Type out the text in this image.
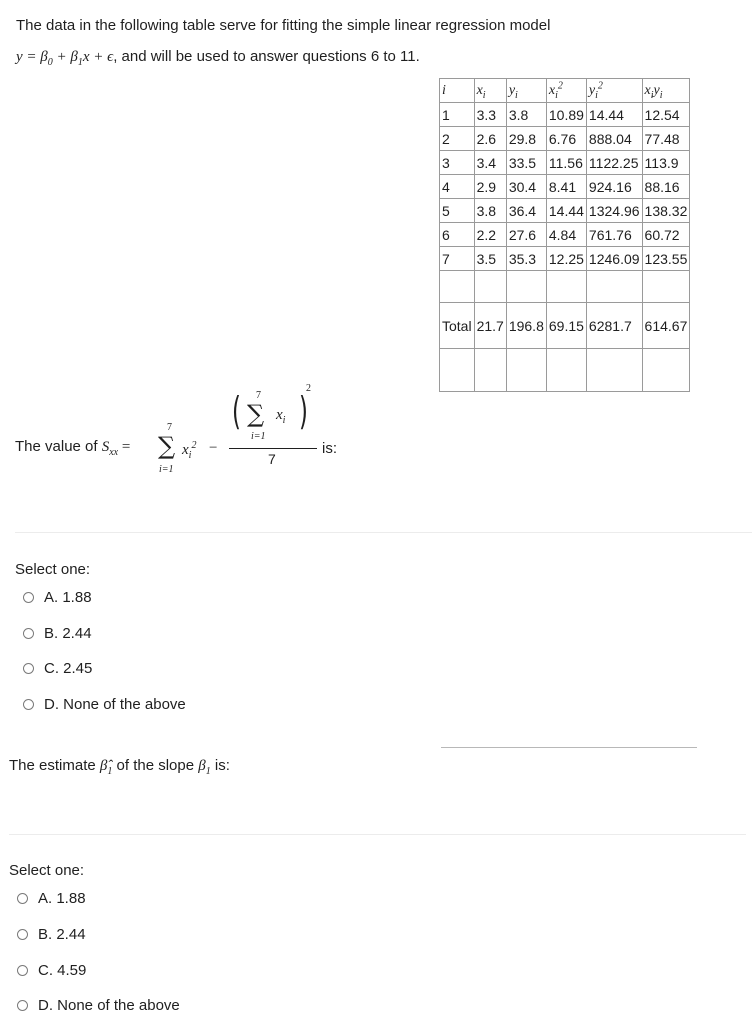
The data in the following table serve for fitting the simple linear regression model
$y = \beta_0 + \beta_1x + \epsilon$, and will be used to answer questions 6 to 11.
i	$x_i$	$y_i$	$x_i^2$	$y_i^2$	$x_iy_i$
1	3.3	3.8	10.89	14.44	12.54
2	2.6	29.8	6.76	888.04	77.48
3	3.4	33.5	11.56	1122.25	113.9
4	2.9	30.4	8.41	924.16	88.16
5	3.8	36.4	14.44	1324.96	138.32
6	2.2	27.6	4.84	761.76	60.72
7	3.5	35.3	12.25	1246.09	123.55

Total	21.7	196.8	69.15	6281.7	614.67

The value of $S_{xx}$ =
7
∑
i=1
$x_i^2$ −
( 7
∑
i=1
$x_i$ )
2
7
is:
Select one:
A. 1.88
B. 2.44
C. 2.45
D. None of the above
The estimate $\betâ_1$ of the slope $\beta_1$ is:
Select one:
A. 1.88
B. 2.44
C. 4.59
D. None of the above
